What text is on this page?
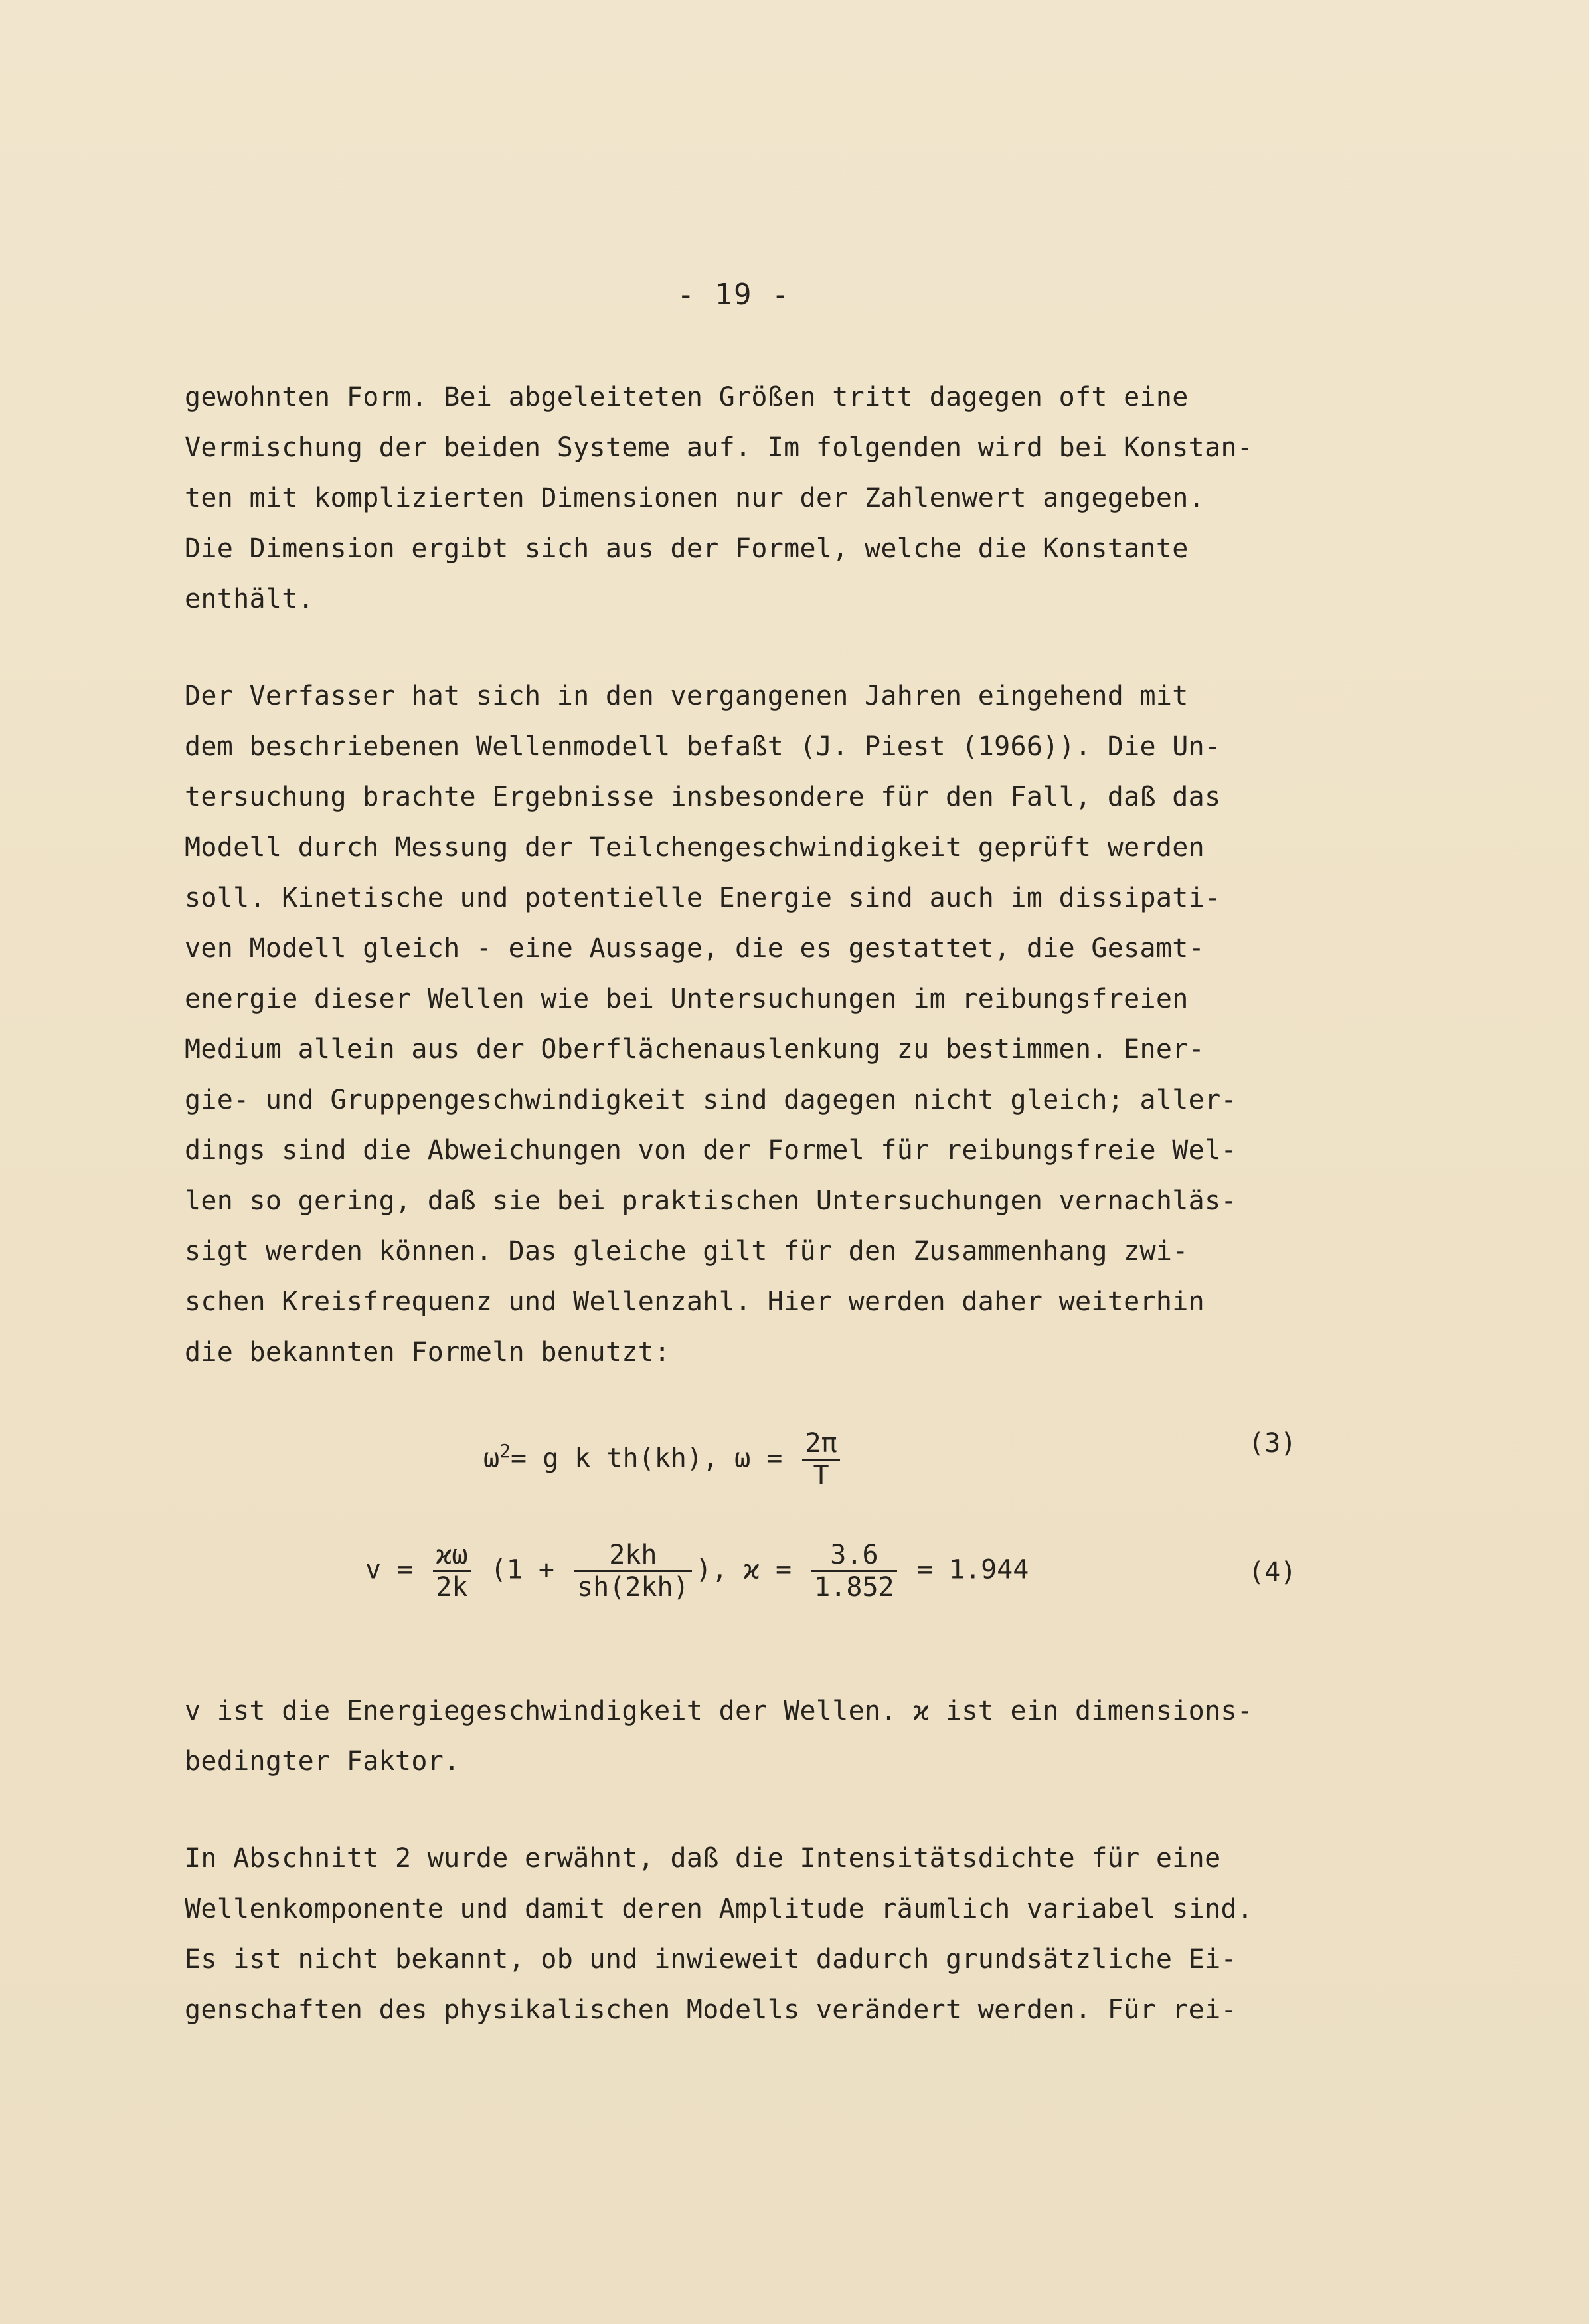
- 19 -
gewohnten Form. Bei abgeleiteten Größen tritt dagegen oft eine
Vermischung der beiden Systeme auf. Im folgenden wird bei Konstan-
ten mit komplizierten Dimensionen nur der Zahlenwert angegeben.
Die Dimension ergibt sich aus der Formel, welche die Konstante
enthält.
Der Verfasser hat sich in den vergangenen Jahren eingehend mit
dem beschriebenen Wellenmodell befaßt (J. Piest (1966)). Die Un-
tersuchung brachte Ergebnisse insbesondere für den Fall, daß das
Modell durch Messung der Teilchengeschwindigkeit geprüft werden
soll. Kinetische und potentielle Energie sind auch im dissipati-
ven Modell gleich - eine Aussage, die es gestattet, die Gesamt-
energie dieser Wellen wie bei Untersuchungen im reibungsfreien
Medium allein aus der Oberflächenauslenkung zu bestimmen. Ener-
gie- und Gruppengeschwindigkeit sind dagegen nicht gleich; aller-
dings sind die Abweichungen von der Formel für reibungsfreie Wel-
len so gering, daß sie bei praktischen Untersuchungen vernachläs-
sigt werden können. Das gleiche gilt für den Zusammenhang zwi-
schen Kreisfrequenz und Wellenzahl. Hier werden daher weiterhin
die bekannten Formeln benutzt:
$\omega^2= g$ k th(kh), $\omega = \frac{2\pi}{T}$	(3)
$v = \frac{ϰ\omega}{2k} (1 + \frac{2kh}{sh(2kh)}$ ), $ϰ = \frac{3.6}{1.852} = 1.944$	(4)
v ist die Energiegeschwindigkeit der Wellen. ϰ ist ein dimensions-
bedingter Faktor.
In Abschnitt 2 wurde erwähnt, daß die Intensitätsdichte für eine
Wellenkomponente und damit deren Amplitude räumlich variabel sind.
Es ist nicht bekannt, ob und inwieweit dadurch grundsätzliche Ei-
genschaften des physikalischen Modells verändert werden. Für rei-
